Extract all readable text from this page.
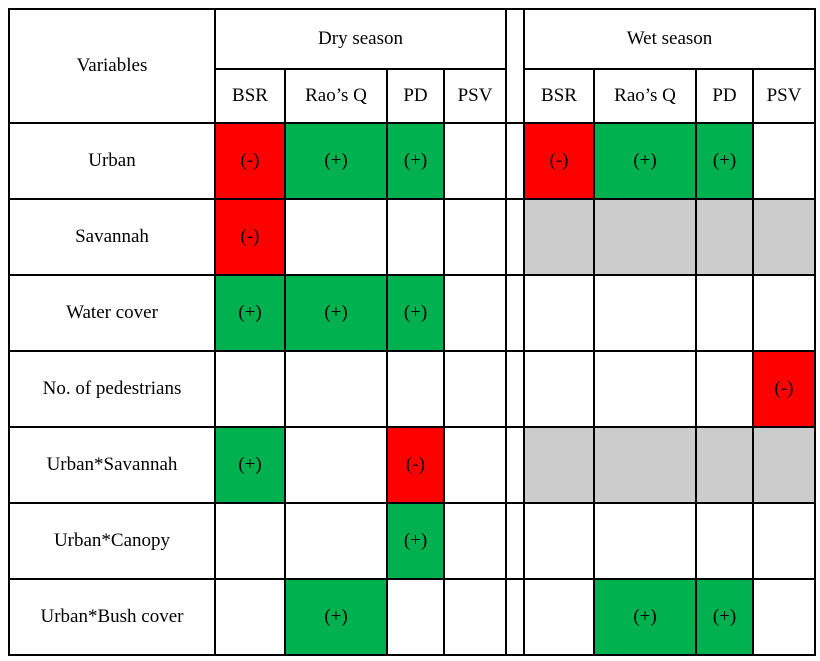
Variables	Dry season					Wet season			
	BSR	Rao’s Q	PD	PSV		BSR	Rao’s Q	PD	PSV
Urban	(-)	(+)	(+)			(-)	(+)	(+)	
Savannah	(-)								
Water cover	(+)	(+)	(+)						
No. of pedestrians									(-)
Urban*Savannah	(+)		(-)						
Urban*Canopy			(+)						
Urban*Bush cover		(+)					(+)	(+)	
